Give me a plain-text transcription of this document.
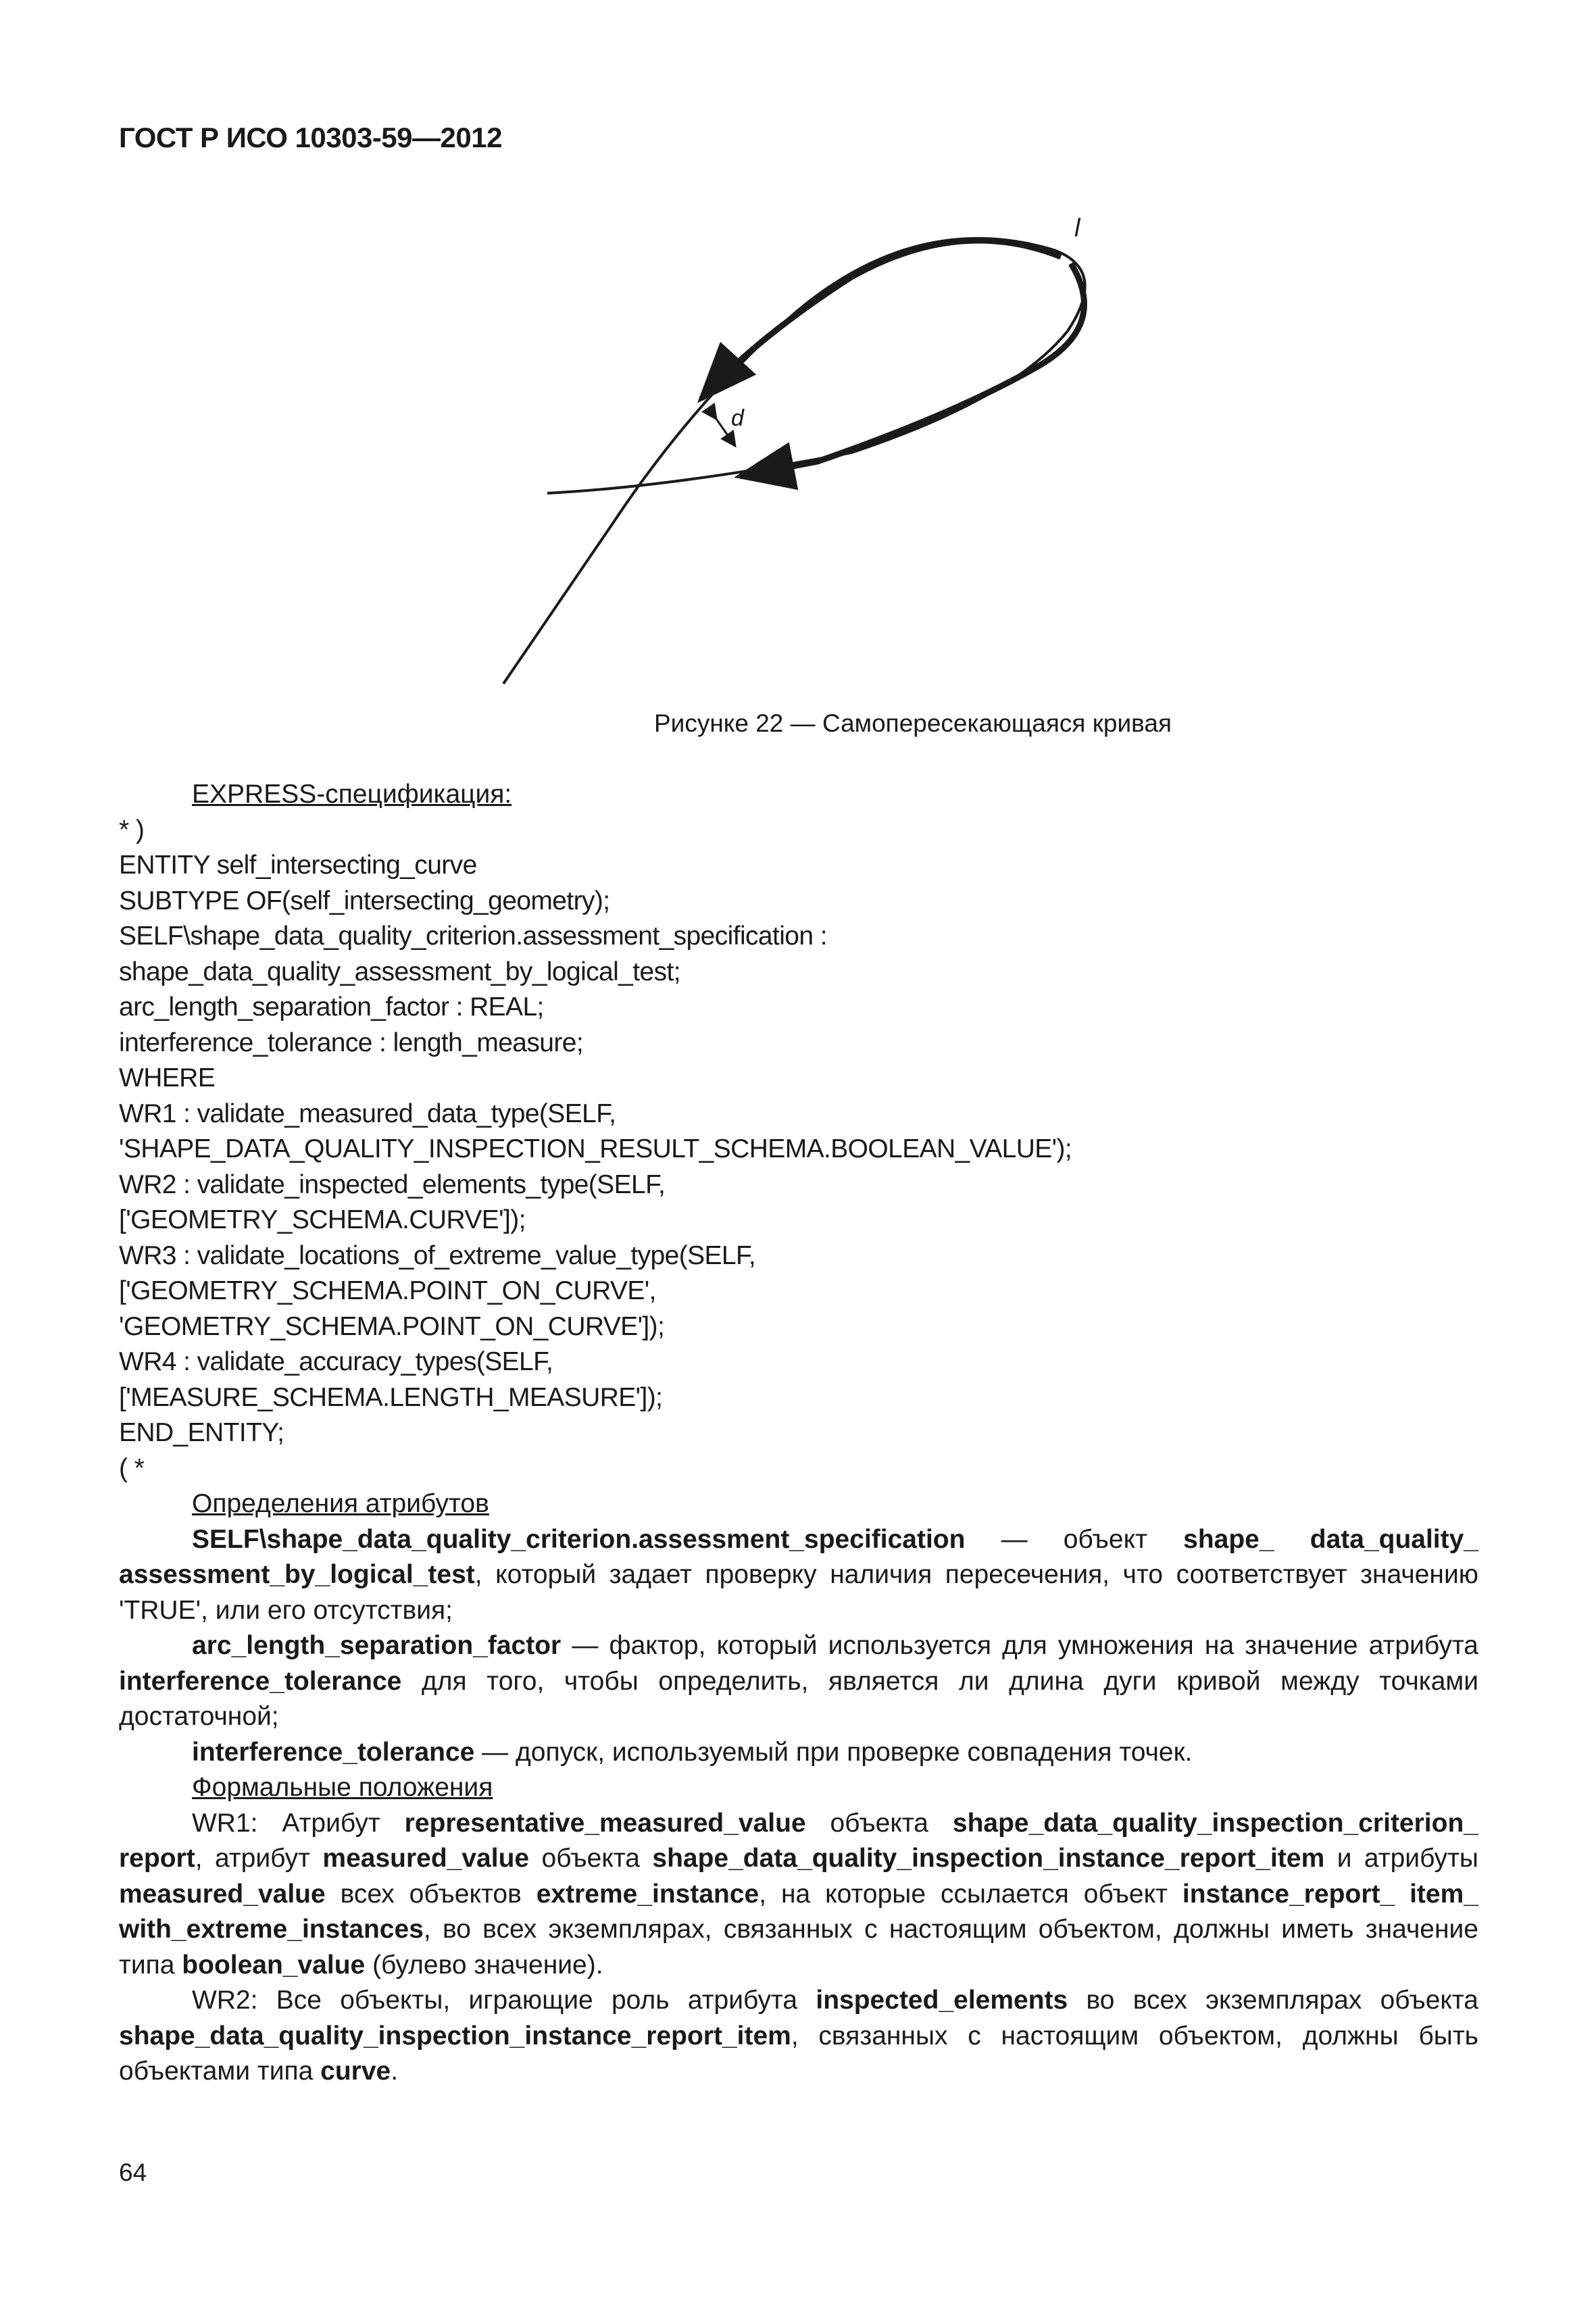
ГОСТ Р ИСО 10303-59—2012
d
l
Рисунке 22 — Самопересекающаяся кривая

EXPRESS-спецификация:

* )

ENTITY self_intersecting_curve

SUBTYPE OF(self_intersecting_geometry);

SELF\shape_data_quality_criterion.assessment_specification :

shape_data_quality_assessment_by_logical_test;

arc_length_separation_factor : REAL;

interference_tolerance : length_measure;

WHERE

WR1 : validate_measured_data_type(SELF,

'SHAPE_DATA_QUALITY_INSPECTION_RESULT_SCHEMA.BOOLEAN_VALUE');

WR2 : validate_inspected_elements_type(SELF,

['GEOMETRY_SCHEMA.CURVE']);

WR3 : validate_locations_of_extreme_value_type(SELF,

['GEOMETRY_SCHEMA.POINT_ON_CURVE',

'GEOMETRY_SCHEMA.POINT_ON_CURVE']);

WR4 : validate_accuracy_types(SELF,

['MEASURE_SCHEMA.LENGTH_MEASURE']);

END_ENTITY;

( *

Определения атрибутов

SELF\shape_data_quality_criterion.assessment_specification — объект shape_ data_quality_ assessment_by_logical_test, который задает проверку наличия пересечения, что соответствует значению 'TRUE', или его отсутствия;

arc_length_separation_factor — фактор, который используется для умножения на значение атрибута interference_tolerance для того, чтобы определить, является ли длина дуги кривой между точками достаточной;

interference_tolerance — допуск, используемый при проверке совпадения точек.

Формальные положения

WR1: Атрибут representative_measured_value объекта shape_data_quality_inspection_criterion_ report, атрибут measured_value объекта shape_data_quality_inspection_instance_report_item и атрибуты measured_value всех объектов extreme_instance, на которые ссылается объект instance_report_ item_ with_extreme_instances, во всех экземплярах, связанных с настоящим объектом, должны иметь значение типа boolean_value (булево значение).

WR2: Все объекты, играющие роль атрибута inspected_elements во всех экземплярах объекта shape_data_quality_inspection_instance_report_item, связанных с настоящим объектом, должны быть объектами типа curve.

64
